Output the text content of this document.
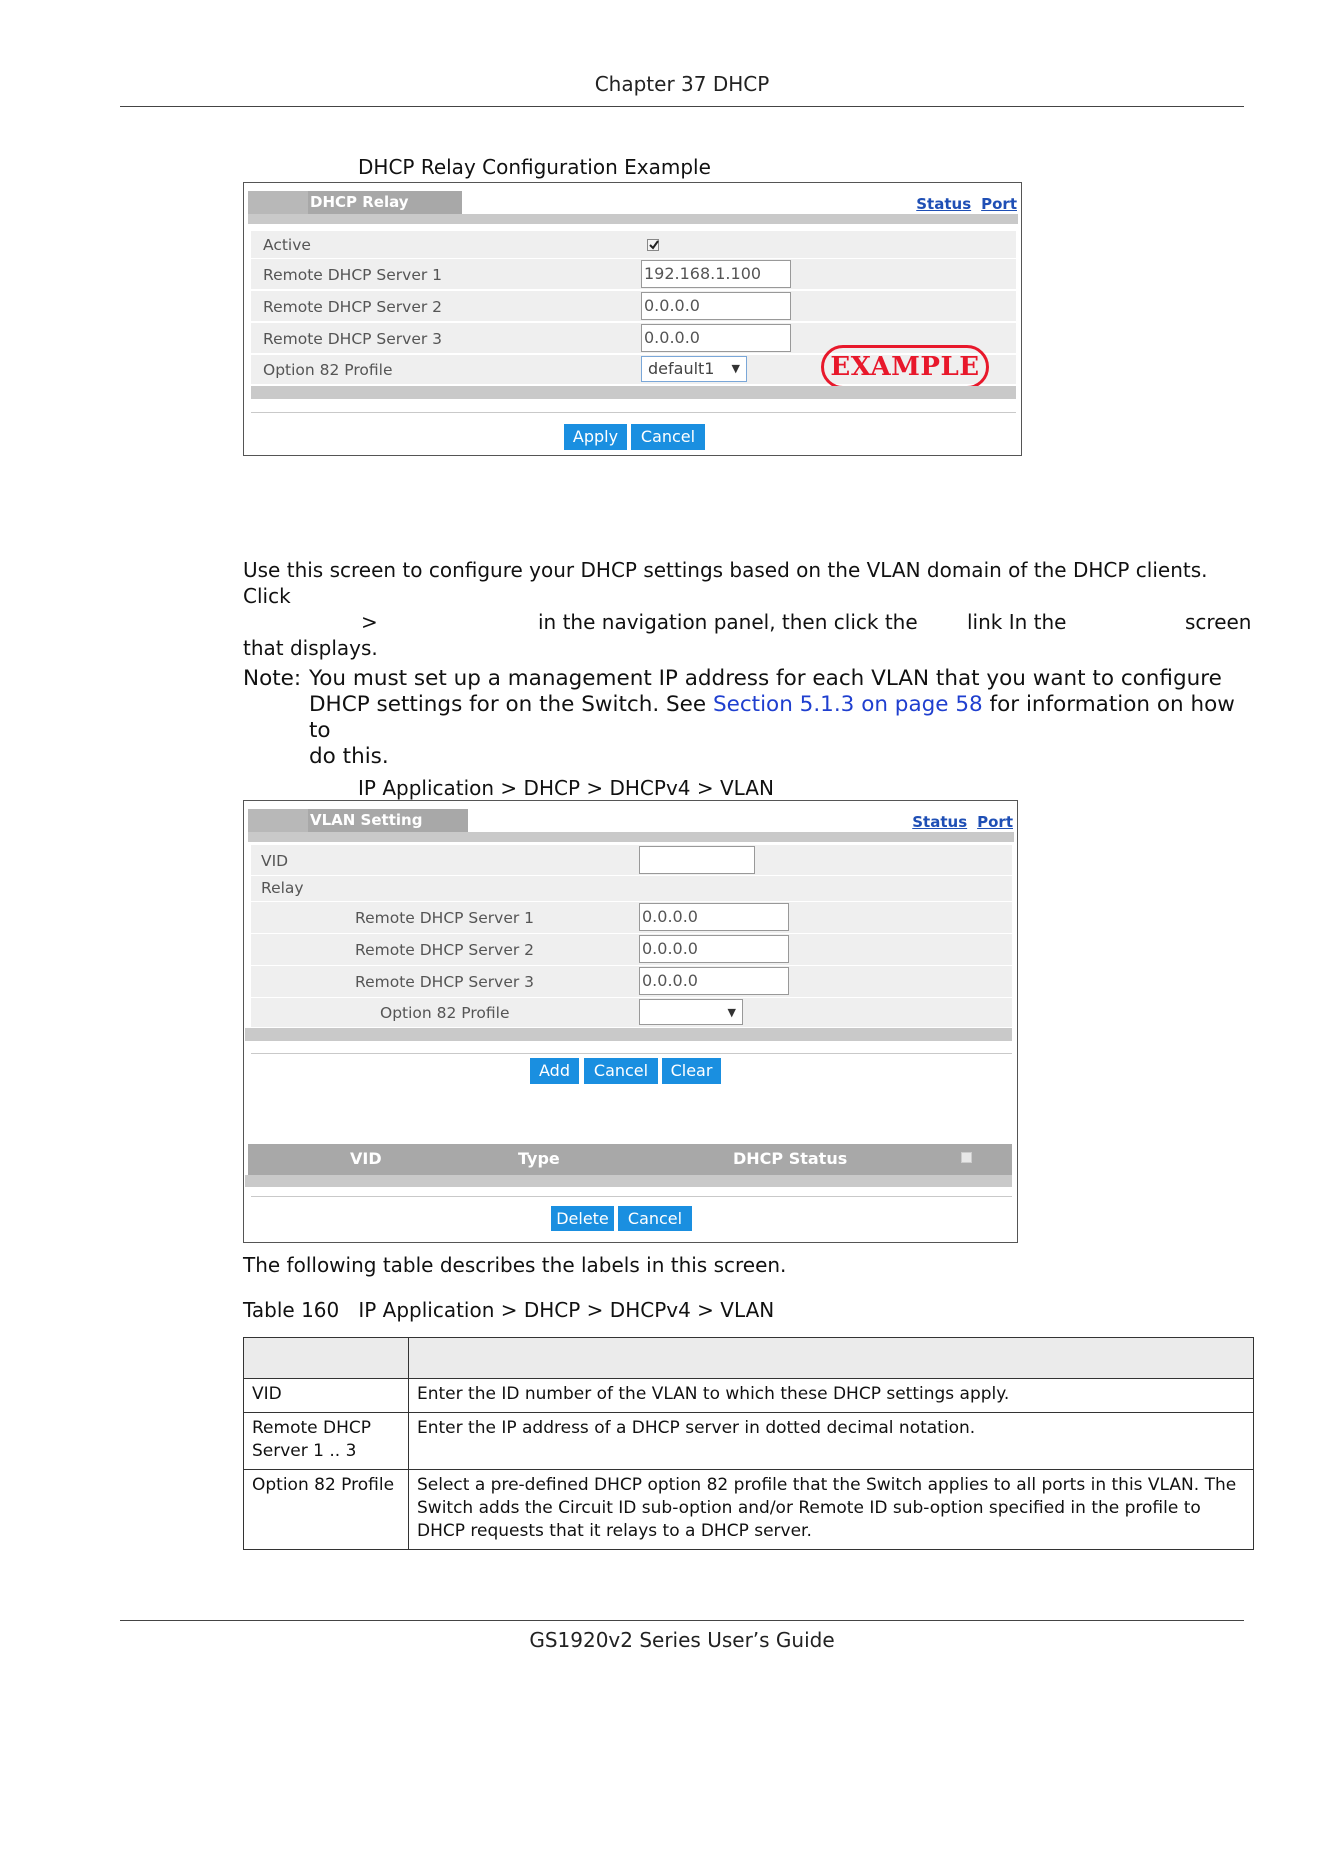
Chapter 37 DHCP
DHCP Relay Configuration Example
DHCP Relay	Status Port
Active
Remote DHCP Server 1	192.168.1.100
Remote DHCP Server 2	0.0.0.0
Remote DHCP Server 3	0.0.0.0
Option 82 Profile	default1 ▼	EXAMPLE
Apply	Cancel
Use this screen to configure your DHCP settings based on the VLAN domain of the DHCP clients. Click
>	in the navigation panel, then click the link In the	screen
that displays.
Note: You must set up a management IP address for each VLAN that you want to configure
DHCP settings for on the Switch. See Section 5.1.3 on page 58 for information on how to
do this.
IP Application > DHCP > DHCPv4 > VLAN
VLAN Setting	Status Port
VID
Relay
Remote DHCP Server 1	0.0.0.0
Remote DHCP Server 2	0.0.0.0
Remote DHCP Server 3	0.0.0.0
Option 82 Profile	▼
Add	Cancel	Clear
VID	Type	DHCP Status
Delete	Cancel
The following table describes the labels in this screen.
Table 160   IP Application > DHCP > DHCPv4 > VLAN

VID	Enter the ID number of the VLAN to which these DHCP settings apply.

Remote DHCP Server 1 .. 3	Enter the IP address of a DHCP server in dotted decimal notation.
Option 82 Profile	Select a pre-defined DHCP option 82 profile that the Switch applies to all ports in this VLAN. The Switch adds the Circuit ID sub-option and/or Remote ID sub-option specified in the profile to DHCP requests that it relays to a DHCP server.
GS1920v2 Series User’s Guide
